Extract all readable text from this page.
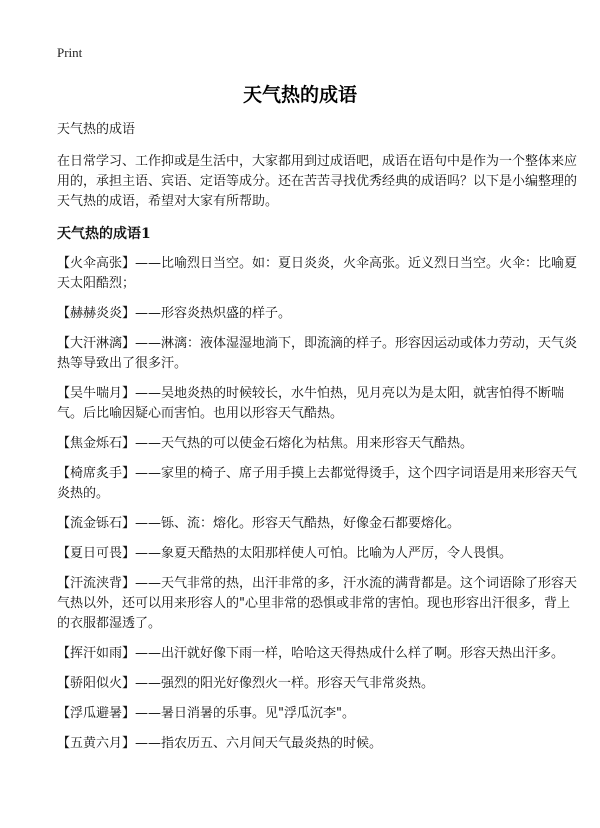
Print
天气热的成语

天气热的成语

在日常学习、工作抑或是生活中，大家都用到过成语吧，成语在语句中是作为一个整体来应用的，承担主语、宾语、定语等成分。还在苦苦寻找优秀经典的成语吗？以下是小编整理的天气热的成语，希望对大家有所帮助。

天气热的成语1

【火伞高张】——比喻烈日当空。如：夏日炎炎，火伞高张。近义烈日当空。火伞：比喻夏天太阳酷烈；

【赫赫炎炎】——形容炎热炽盛的样子。

【大汗淋漓】——淋漓：液体湿湿地淌下，即流滴的样子。形容因运动或体力劳动，天气炎热等导致出了很多汗。

【吴牛喘月】——吴地炎热的时候较长，水牛怕热，见月亮以为是太阳，就害怕得不断喘气。后比喻因疑心而害怕。也用以形容天气酷热。

【焦金烁石】——天气热的可以使金石熔化为枯焦。用来形容天气酷热。

【椅席炙手】——家里的椅子、席子用手摸上去都觉得烫手，这个四字词语是用来形容天气炎热的。

【流金铄石】——铄、流：熔化。形容天气酷热，好像金石都要熔化。

【夏日可畏】——象夏天酷热的太阳那样使人可怕。比喻为人严厉，令人畏惧。

【汗流浃背】——天气非常的热，出汗非常的多，汗水流的满背都是。这个词语除了形容天气热以外，还可以用来形容人的"心里非常的恐惧或非常的害怕。现也形容出汗很多，背上的衣服都湿透了。

【挥汗如雨】——出汗就好像下雨一样，哈哈这天得热成什么样了啊。形容天热出汗多。

【骄阳似火】——强烈的阳光好像烈火一样。形容天气非常炎热。

【浮瓜避暑】——暑日消暑的乐事。见"浮瓜沉李"。

【五黄六月】——指农历五、六月间天气最炎热的时候。
